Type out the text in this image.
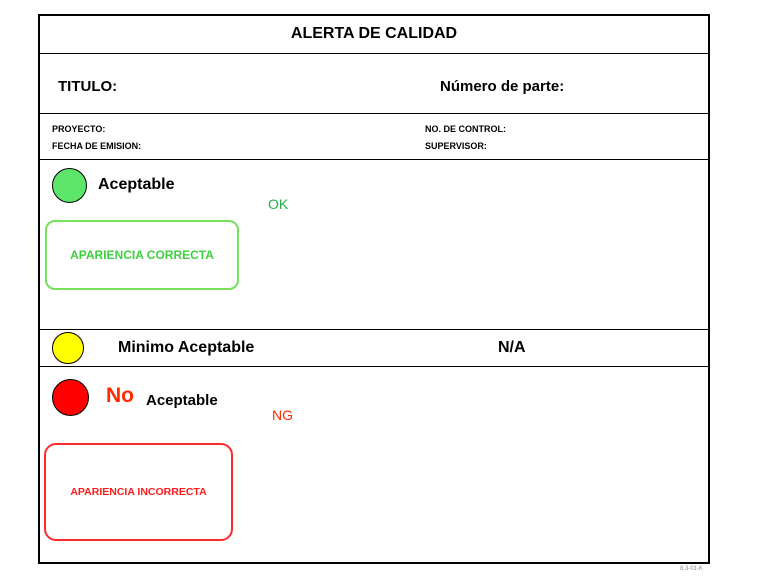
ALERTA DE CALIDAD
TITULO:	Número de parte:
PROYECTO:
FECHA DE EMISION:
NO. DE CONTROL:
SUPERVISOR:
Aceptable
OK
APARIENCIA CORRECTA
Minimo Aceptable	N/A
No Aceptable
NG
APARIENCIA INCORRECTA
8.3-01-K
